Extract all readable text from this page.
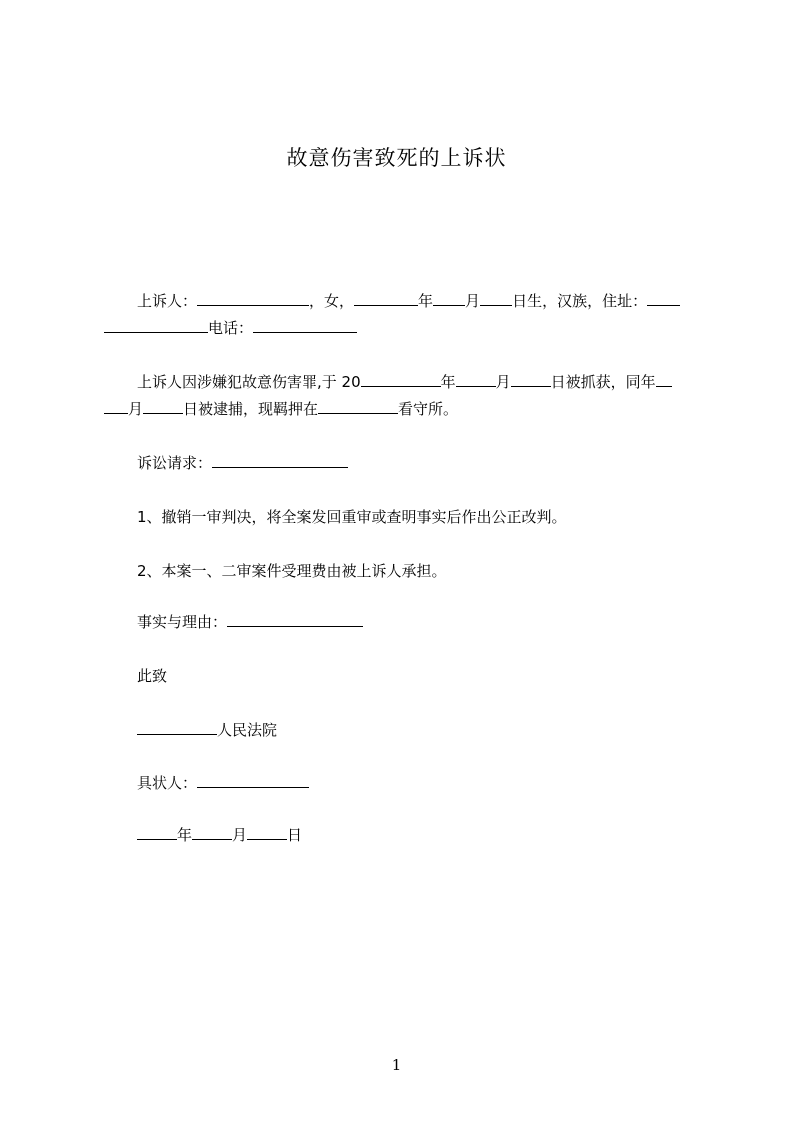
故意伤害致死的上诉状
上诉人：	，女，	年 月 日生，汉族，住址：
电话：
上诉人因涉嫌犯故意伤害罪,于 20	年	月	日被抓获，同年
月	日被逮捕，现羁押在	看守所。
诉讼请求：
1、撤销一审判决，将全案发回重审或查明事实后作出公正改判。
2、本案一、二审案件受理费由被上诉人承担。
事实与理由：
此致
人民法院
具状人：
年	月	日
1
